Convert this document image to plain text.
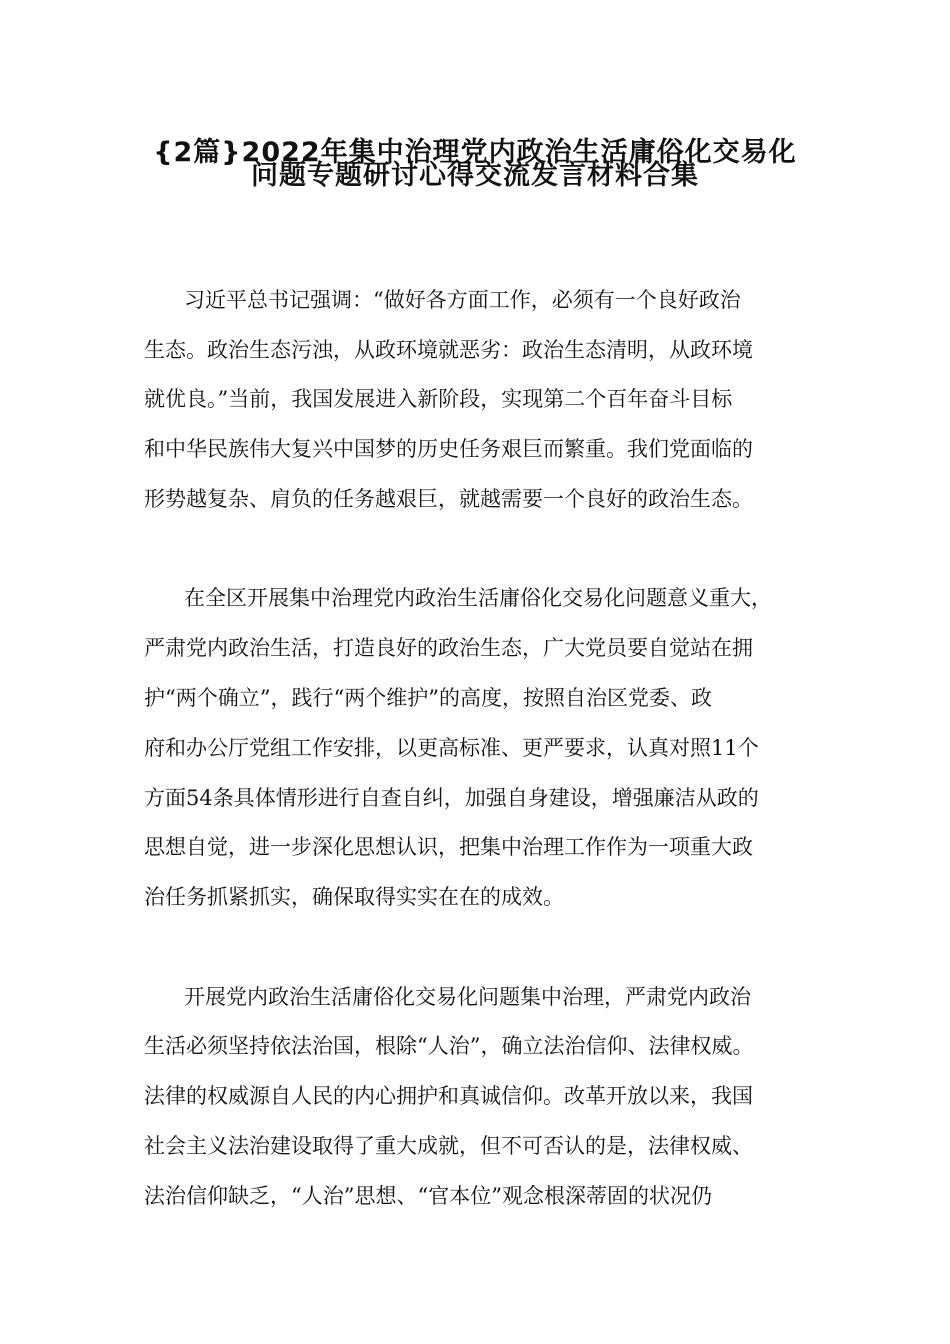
{2篇}2022年集中治理党内政治生活庸俗化交易化
问题专题研讨心得交流发言材料合集

习近平总书记强调：“做好各方面工作，必须有一个良好政治

生态。政治生态污浊，从政环境就恶劣：政治生态清明，从政环境

就优良。”当前，我国发展进入新阶段，实现第二个百年奋斗目标

和中华民族伟大复兴中国梦的历史任务艰巨而繁重。我们党面临的

形势越复杂、肩负的任务越艰巨，就越需要一个良好的政治生态。

在全区开展集中治理党内政治生活庸俗化交易化问题意义重大，

严肃党内政治生活，打造良好的政治生态，广大党员要自觉站在拥

护“两个确立”，践行“两个维护”的高度，按照自治区党委、政

府和办公厅党组工作安排，以更高标准、更严要求，认真对照11个

方面54条具体情形进行自查自纠，加强自身建设，增强廉洁从政的

思想自觉，进一步深化思想认识，把集中治理工作作为一项重大政

治任务抓紧抓实，确保取得实实在在的成效。

开展党内政治生活庸俗化交易化问题集中治理，严肃党内政治

生活必须坚持依法治国，根除“人治”，确立法治信仰、法律权威。

法律的权威源自人民的内心拥护和真诚信仰。改革开放以来，我国

社会主义法治建设取得了重大成就，但不可否认的是，法律权威、

法治信仰缺乏，“人治”思想、“官本位”观念根深蒂固的状况仍
